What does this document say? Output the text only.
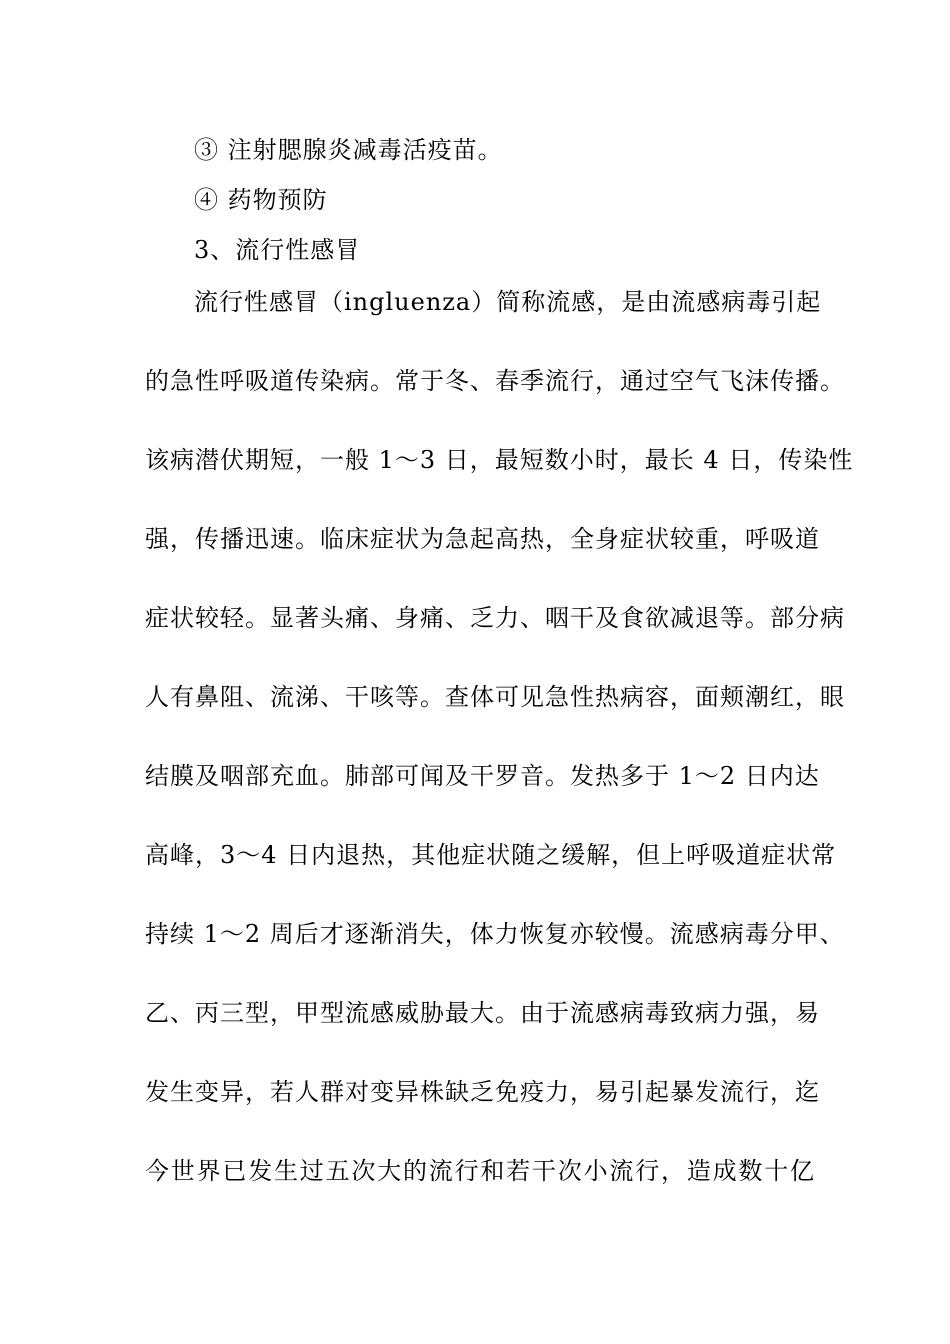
③ 注射腮腺炎减毒活疫苗。
④ 药物预防
3、流行性感冒
流行性感冒（ingluenza）简称流感，是由流感病毒引起
的急性呼吸道传染病。常于冬、春季流行，通过空气飞沫传播。
该病潜伏期短，一般 1～3 日，最短数小时，最长 4 日，传染性
强，传播迅速。临床症状为急起高热，全身症状较重，呼吸道
症状较轻。显著头痛、身痛、乏力、咽干及食欲减退等。部分病
人有鼻阻、流涕、干咳等。查体可见急性热病容，面颊潮红，眼
结膜及咽部充血。肺部可闻及干罗音。发热多于 1～2 日内达
高峰，3～4 日内退热，其他症状随之缓解，但上呼吸道症状常
持续 1～2 周后才逐渐消失，体力恢复亦较慢。流感病毒分甲、
乙、丙三型，甲型流感威胁最大。由于流感病毒致病力强，易
发生变异，若人群对变异株缺乏免疫力，易引起暴发流行，迄
今世界已发生过五次大的流行和若干次小流行，造成数十亿
